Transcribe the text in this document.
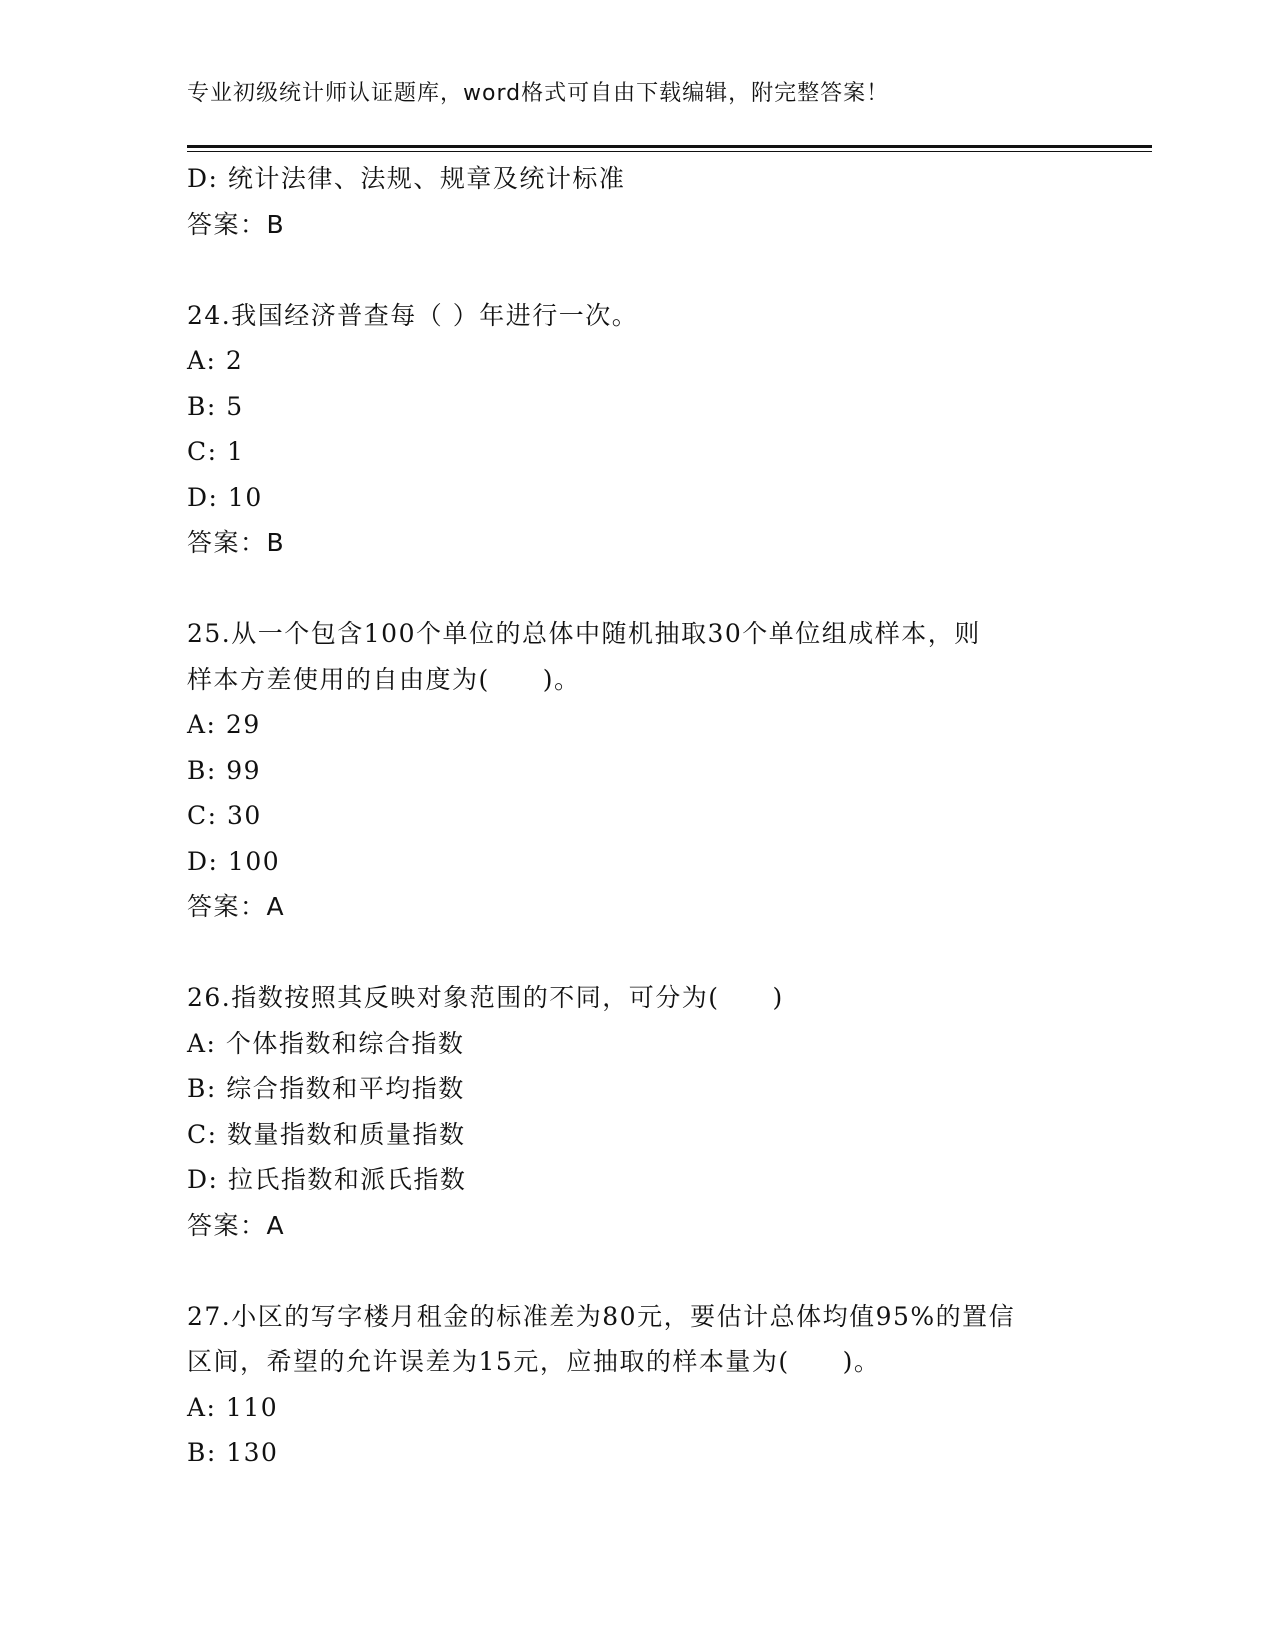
专业初级统计师认证题库，word格式可自由下载编辑，附完整答案！
D: 统计法律、法规、规章及统计标准
答案：B
24.我国经济普查每（ ）年进行一次。
A: 2
B: 5
C: 1
D: 10
答案：B
25.从一个包含100个单位的总体中随机抽取30个单位组成样本，则
样本方差使用的自由度为(　　)。
A: 29
B: 99
C: 30
D: 100
答案：A
26.指数按照其反映对象范围的不同，可分为(　　)
A: 个体指数和综合指数
B: 综合指数和平均指数
C: 数量指数和质量指数
D: 拉氏指数和派氏指数
答案：A
27.小区的写字楼月租金的标准差为80元，要估计总体均值95%的置信
区间，希望的允许误差为15元，应抽取的样本量为(　　)。
A: 110
B: 130
